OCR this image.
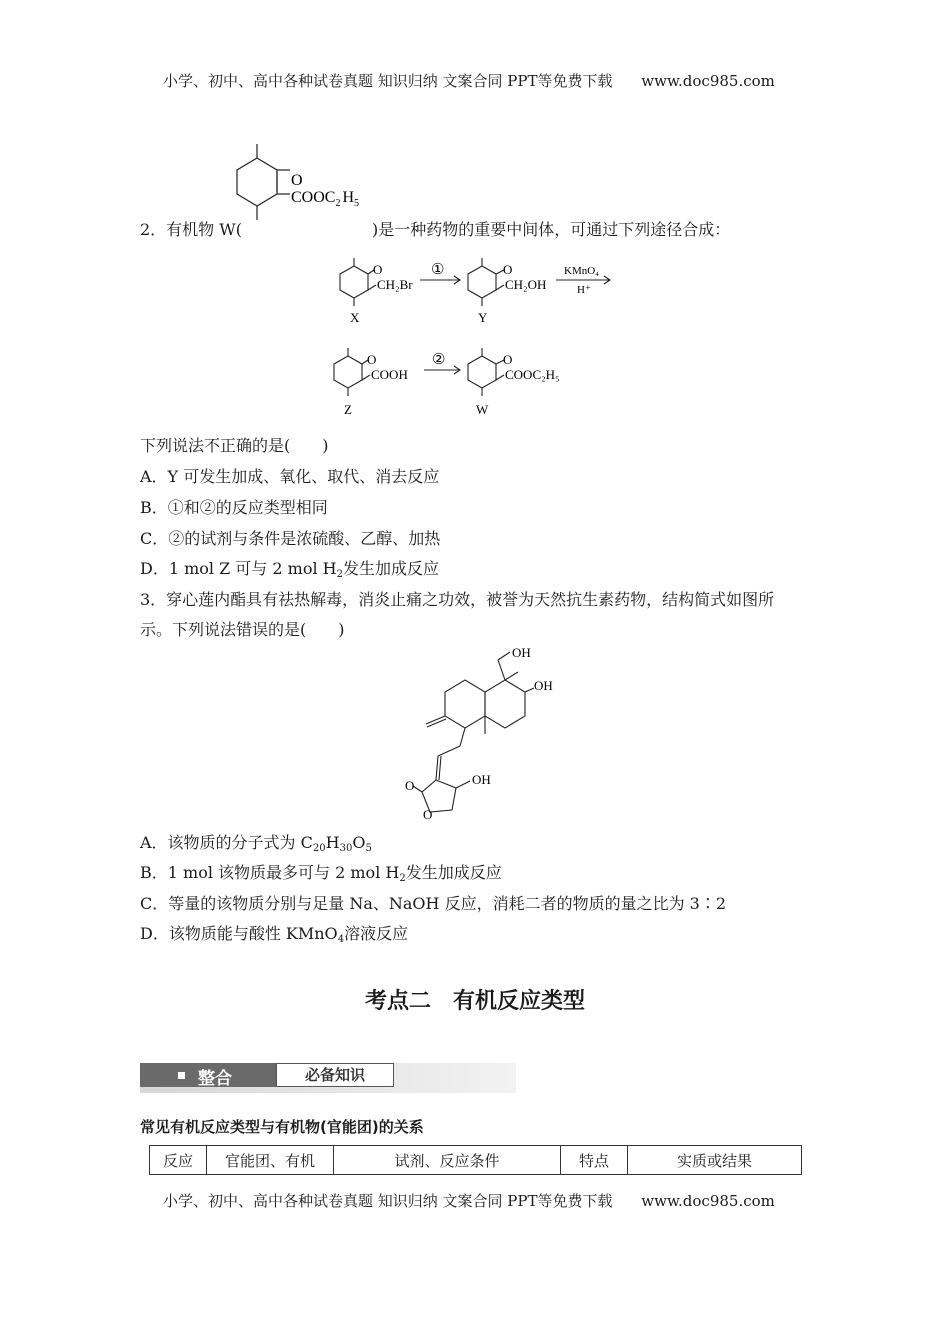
小学、初中、高中各种试卷真题 知识归纳 文案合同 PPT等免费下载 www.doc985.com
O
$COOC_2$ $H_5$
2．有机物 W(	)是一种药物的重要中间体，可通过下列途径合成：
O
CH₂Br
X
①	O
CH₂OH
Y
KMnO₄
H⁺
O
COOH
Z
②	O
COOC₂H₅
W
下列说法不正确的是(　　)
A．Y 可发生加成、氧化、取代、消去反应
B．①和②的反应类型相同
C．②的试剂与条件是浓硫酸、乙醇、加热
D．1 mol Z 可与 2 mol $H_2$发生加成反应
3．穿心莲内酯具有祛热解毒，消炎止痛之功效，被誉为天然抗生素药物，结构简式如图所
示。下列说法错误的是(　　)
OH
OH
OH
O
O
A．该物质的分子式为 $C_{20}H_{30}O_5$
B．1 mol 该物质最多可与 2 mol $H_2$发生加成反应
C．等量的该物质分别与足量 Na、NaOH 反应，消耗二者的物质的量之比为 3∶2
D．该物质能与酸性 KMnO$_4$溶液反应
考点二　有机反应类型
整合	必备知识
常见有机反应类型与有机物(官能团)的关系
反应	官能团、有机	试剂、反应条件	特点	实质或结果
小学、初中、高中各种试卷真题 知识归纳 文案合同 PPT等免费下载 www.doc985.com
